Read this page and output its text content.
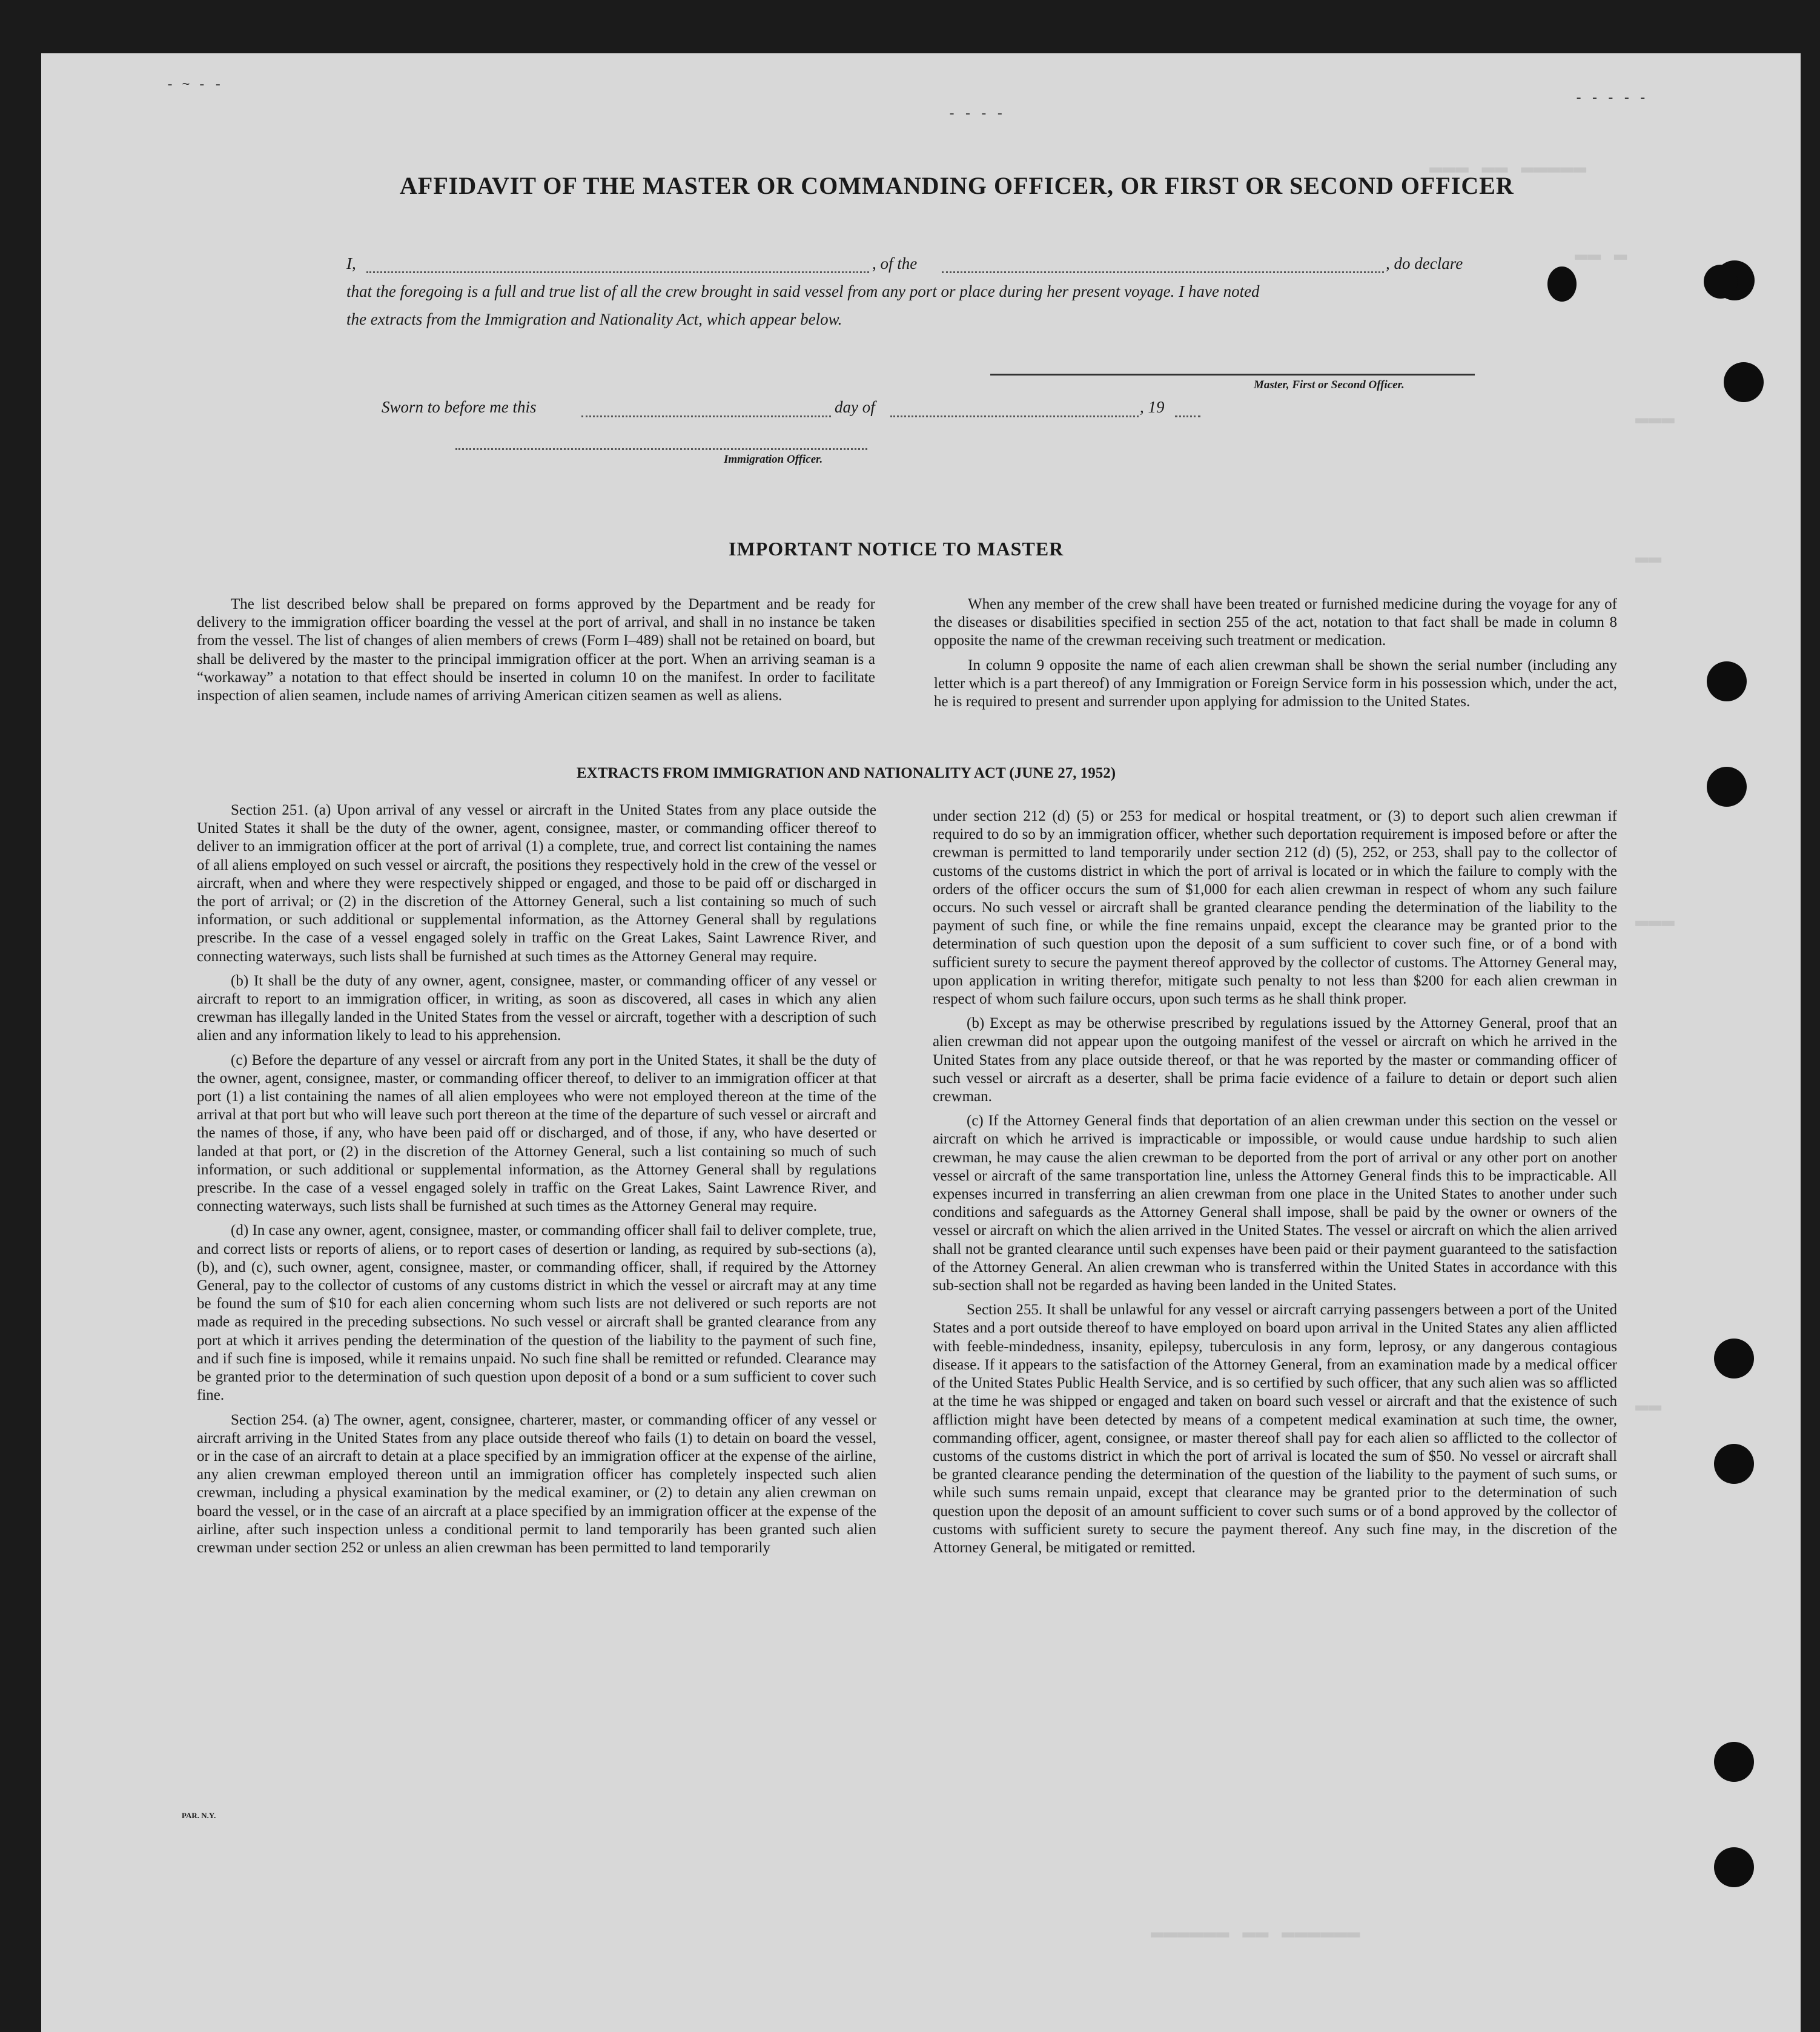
▬▬▬ ▬▬ ▬▬▬▬▬
▬▬ ▬
▬▬▬
▬▬
▬▬▬
▬▬
▬▬▬▬▬▬ ▬▬ ▬▬▬▬▬▬
- ~ - -
- - - -
- - - - -
AFFIDAVIT OF THE MASTER OR COMMANDING OFFICER, OR FIRST OR SECOND OFFICER
I,	, of the	, do declare
that the foregoing is a full and true list of all the crew brought in said vessel from any port or place during her present voyage. I have noted
the extracts from the Immigration and Nationality Act, which appear below.
Master, First or Second Officer.
Sworn to before me this	day of	, 19
Immigration Officer.
IMPORTANT NOTICE TO MASTER

The list described below shall be prepared on forms approved by the Department and be ready for delivery to the immigration officer boarding the vessel at the port of arrival, and shall in no instance be taken from the vessel. The list of changes of alien members of crews (Form I–489) shall not be retained on board, but shall be delivered by the master to the principal immigration officer at the port. When an arriving seaman is a “workaway” a notation to that effect should be inserted in column 10 on the manifest. In order to facilitate inspection of alien seamen, include names of arriving American citizen seamen as well as aliens.

When any member of the crew shall have been treated or furnished medicine during the voyage for any of the diseases or disabilities specified in section 255 of the act, notation to that fact shall be made in column 8 opposite the name of the crewman receiving such treatment or medication.

In column 9 opposite the name of each alien crewman shall be shown the serial number (including any letter which is a part thereof) of any Immigration or Foreign Service form in his possession which, under the act, he is required to present and surrender upon applying for admission to the United States.

EXTRACTS FROM IMMIGRATION AND NATIONALITY ACT (JUNE 27, 1952)

Section 251. (a) Upon arrival of any vessel or aircraft in the United States from any place outside the United States it shall be the duty of the owner, agent, consignee, master, or commanding officer thereof to deliver to an immigration officer at the port of arrival (1) a complete, true, and correct list containing the names of all aliens employed on such vessel or aircraft, the positions they respectively hold in the crew of the vessel or aircraft, when and where they were respectively shipped or engaged, and those to be paid off or discharged in the port of arrival; or (2) in the discretion of the Attorney General, such a list containing so much of such information, or such additional or supplemental information, as the Attorney General shall by regulations prescribe. In the case of a vessel engaged solely in traffic on the Great Lakes, Saint Lawrence River, and connecting waterways, such lists shall be furnished at such times as the Attorney General may require.

(b) It shall be the duty of any owner, agent, consignee, master, or commanding officer of any vessel or aircraft to report to an immigration officer, in writing, as soon as discovered, all cases in which any alien crewman has illegally landed in the United States from the vessel or aircraft, together with a description of such alien and any information likely to lead to his apprehension.

(c) Before the departure of any vessel or aircraft from any port in the United States, it shall be the duty of the owner, agent, consignee, master, or commanding officer thereof, to deliver to an immigration officer at that port (1) a list containing the names of all alien employees who were not employed thereon at the time of the arrival at that port but who will leave such port thereon at the time of the departure of such vessel or aircraft and the names of those, if any, who have been paid off or discharged, and of those, if any, who have deserted or landed at that port, or (2) in the discretion of the Attorney General, such a list containing so much of such information, or such additional or supplemental information, as the Attorney General shall by regulations prescribe. In the case of a vessel engaged solely in traffic on the Great Lakes, Saint Lawrence River, and connecting waterways, such lists shall be furnished at such times as the Attorney General may require.

(d) In case any owner, agent, consignee, master, or commanding officer shall fail to deliver complete, true, and correct lists or reports of aliens, or to report cases of desertion or landing, as required by sub-sections (a), (b), and (c), such owner, agent, consignee, master, or commanding officer, shall, if required by the Attorney General, pay to the collector of customs of any customs district in which the vessel or aircraft may at any time be found the sum of $10 for each alien concerning whom such lists are not delivered or such reports are not made as required in the preceding subsections. No such vessel or aircraft shall be granted clearance from any port at which it arrives pending the determination of the question of the liability to the payment of such fine, and if such fine is imposed, while it remains unpaid. No such fine shall be remitted or refunded. Clearance may be granted prior to the determination of such question upon deposit of a bond or a sum sufficient to cover such fine.

Section 254. (a) The owner, agent, consignee, charterer, master, or commanding officer of any vessel or aircraft arriving in the United States from any place outside thereof who fails (1) to detain on board the vessel, or in the case of an aircraft to detain at a place specified by an immigration officer at the expense of the airline, any alien crewman employed thereon until an immigration officer has completely inspected such alien crewman, including a physical examination by the medical examiner, or (2) to detain any alien crewman on board the vessel, or in the case of an aircraft at a place specified by an immigration officer at the expense of the airline, after such inspection unless a conditional permit to land temporarily has been granted such alien crewman under section 252 or unless an alien crewman has been permitted to land temporarily

under section 212 (d) (5) or 253 for medical or hospital treatment, or (3) to deport such alien crewman if required to do so by an immigration officer, whether such deportation requirement is imposed before or after the crewman is permitted to land temporarily under section 212 (d) (5), 252, or 253, shall pay to the collector of customs of the customs district in which the port of arrival is located or in which the failure to comply with the orders of the officer occurs the sum of $1,000 for each alien crewman in respect of whom any such failure occurs. No such vessel or aircraft shall be granted clearance pending the determination of the liability to the payment of such fine, or while the fine remains unpaid, except the clearance may be granted prior to the determination of such question upon the deposit of a sum sufficient to cover such fine, or of a bond with sufficient surety to secure the payment thereof approved by the collector of customs. The Attorney General may, upon application in writing therefor, mitigate such penalty to not less than $200 for each alien crewman in respect of whom such failure occurs, upon such terms as he shall think proper.

(b) Except as may be otherwise prescribed by regulations issued by the Attorney General, proof that an alien crewman did not appear upon the outgoing manifest of the vessel or aircraft on which he arrived in the United States from any place outside thereof, or that he was reported by the master or commanding officer of such vessel or aircraft as a deserter, shall be prima facie evidence of a failure to detain or deport such alien crewman.

(c) If the Attorney General finds that deportation of an alien crewman under this section on the vessel or aircraft on which he arrived is impracticable or impossible, or would cause undue hardship to such alien crewman, he may cause the alien crewman to be deported from the port of arrival or any other port on another vessel or aircraft of the same transportation line, unless the Attorney General finds this to be impracticable. All expenses incurred in transferring an alien crewman from one place in the United States to another under such conditions and safeguards as the Attorney General shall impose, shall be paid by the owner or owners of the vessel or aircraft on which the alien arrived in the United States. The vessel or aircraft on which the alien arrived shall not be granted clearance until such expenses have been paid or their payment guaranteed to the satisfaction of the Attorney General. An alien crewman who is transferred within the United States in accordance with this sub-section shall not be regarded as having been landed in the United States.

Section 255. It shall be unlawful for any vessel or aircraft carrying passengers between a port of the United States and a port outside thereof to have employed on board upon arrival in the United States any alien afflicted with feeble-mindedness, insanity, epilepsy, tuberculosis in any form, leprosy, or any dangerous contagious disease. If it appears to the satisfaction of the Attorney General, from an examination made by a medical officer of the United States Public Health Service, and is so certified by such officer, that any such alien was so afflicted at the time he was shipped or engaged and taken on board such vessel or aircraft and that the existence of such affliction might have been detected by means of a competent medical examination at such time, the owner, commanding officer, agent, consignee, or master thereof shall pay for each alien so afflicted to the collector of customs of the customs district in which the port of arrival is located the sum of $50. No vessel or aircraft shall be granted clearance pending the determination of the question of the liability to the payment of such sums, or while such sums remain unpaid, except that clearance may be granted prior to the determination of such question upon the deposit of an amount sufficient to cover such sums or of a bond approved by the collector of customs with sufficient surety to secure the payment thereof. Any such fine may, in the discretion of the Attorney General, be mitigated or remitted.

PAR. N.Y.
